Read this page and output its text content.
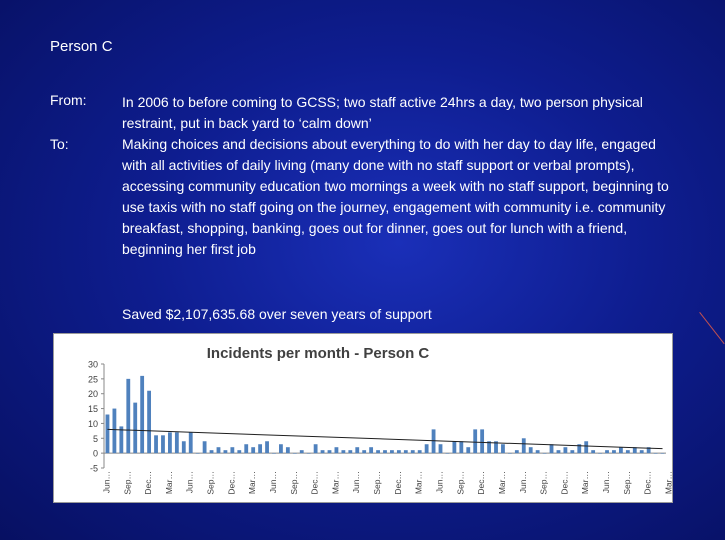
Person C
From:	In 2006 to before coming to GCSS; two staff active 24hrs a day, two person physical restraint, put in back yard to ‘calm down’
To:	Making choices and decisions about everything to do with her day to day life, engaged with all activities of daily living (many done with no staff support or verbal prompts), accessing community education two mornings a week with no staff support, beginning to use taxis with no staff going on the journey, engagement with community i.e. community breakfast, shopping, banking, goes out for dinner, goes out for lunch with a friend, beginning her first job
Saved $2,107,635.68 over seven years of support
Incidents per month - Person C
-5
0
5
10
15
20
25
30
Jun… Sep… Dec… Mar… Jun… Sep… Dec… Mar… Jun… Sep… Dec… Mar… Jun… Sep… Dec… Mar… Jun… Sep… Dec… Mar… Jun… Sep… Dec… Mar… Jun… Sep… Dec… Mar…
